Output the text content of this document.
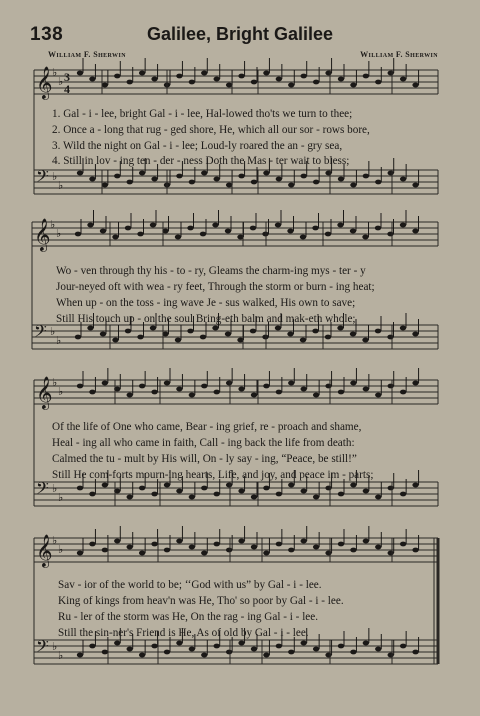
138	Galilee, Bright Galilee
William F. Sherwin	William F. Sherwin
𝄞 ♭
♭
𝄢 ♭
♭
𝄞 ♭
♭
𝄢 ♭
♭
𝄞 ♭
♭
𝄢 ♭
♭
𝄞 ♭
♭
𝄢 ♭
♭
3
4
1. Gal - i - lee, bright Gal - i - lee, Hal-lowed tho'ts we turn to thee;
2. Once a - long that rug - ged shore, He, which all our sor - rows bore,
3. Wild the night on Gal - i - lee; Loud-ly roared the an - gry sea,
4. Still in lov - ing ten - der - ness Doth the Mas - ter wait to bless;
Wo - ven through thy his - to - ry, Gleams the charm-ing mys - ter - y
Jour-neyed oft with wea - ry feet, Through the storm or burn - ing heat;
When up - on the toss - ing wave Je - sus walked, His own to save;
Still His touch up - on the soul Bring-eth balm and mak-eth whole;
Of the life of One who came, Bear - ing grief, re - proach and shame,
Heal - ing all who came in faith, Call - ing back the life from death:
Calmed the tu - mult by His will, On - ly say - ing, “Peace, be still!”
Still He com-forts mourn-ing hearts, Life, and joy, and peace im - parts;
Sav - ior of the world to be; ‘‘God with us” by Gal - i - lee.
King of kings from heav'n was He, Tho' so poor by Gal - i - lee.
Ru - ler of the storm was He, On the rag - ing Gal - i - lee.
Still the sin-ner's Friend is He, As of old by Gal - i - lee.
